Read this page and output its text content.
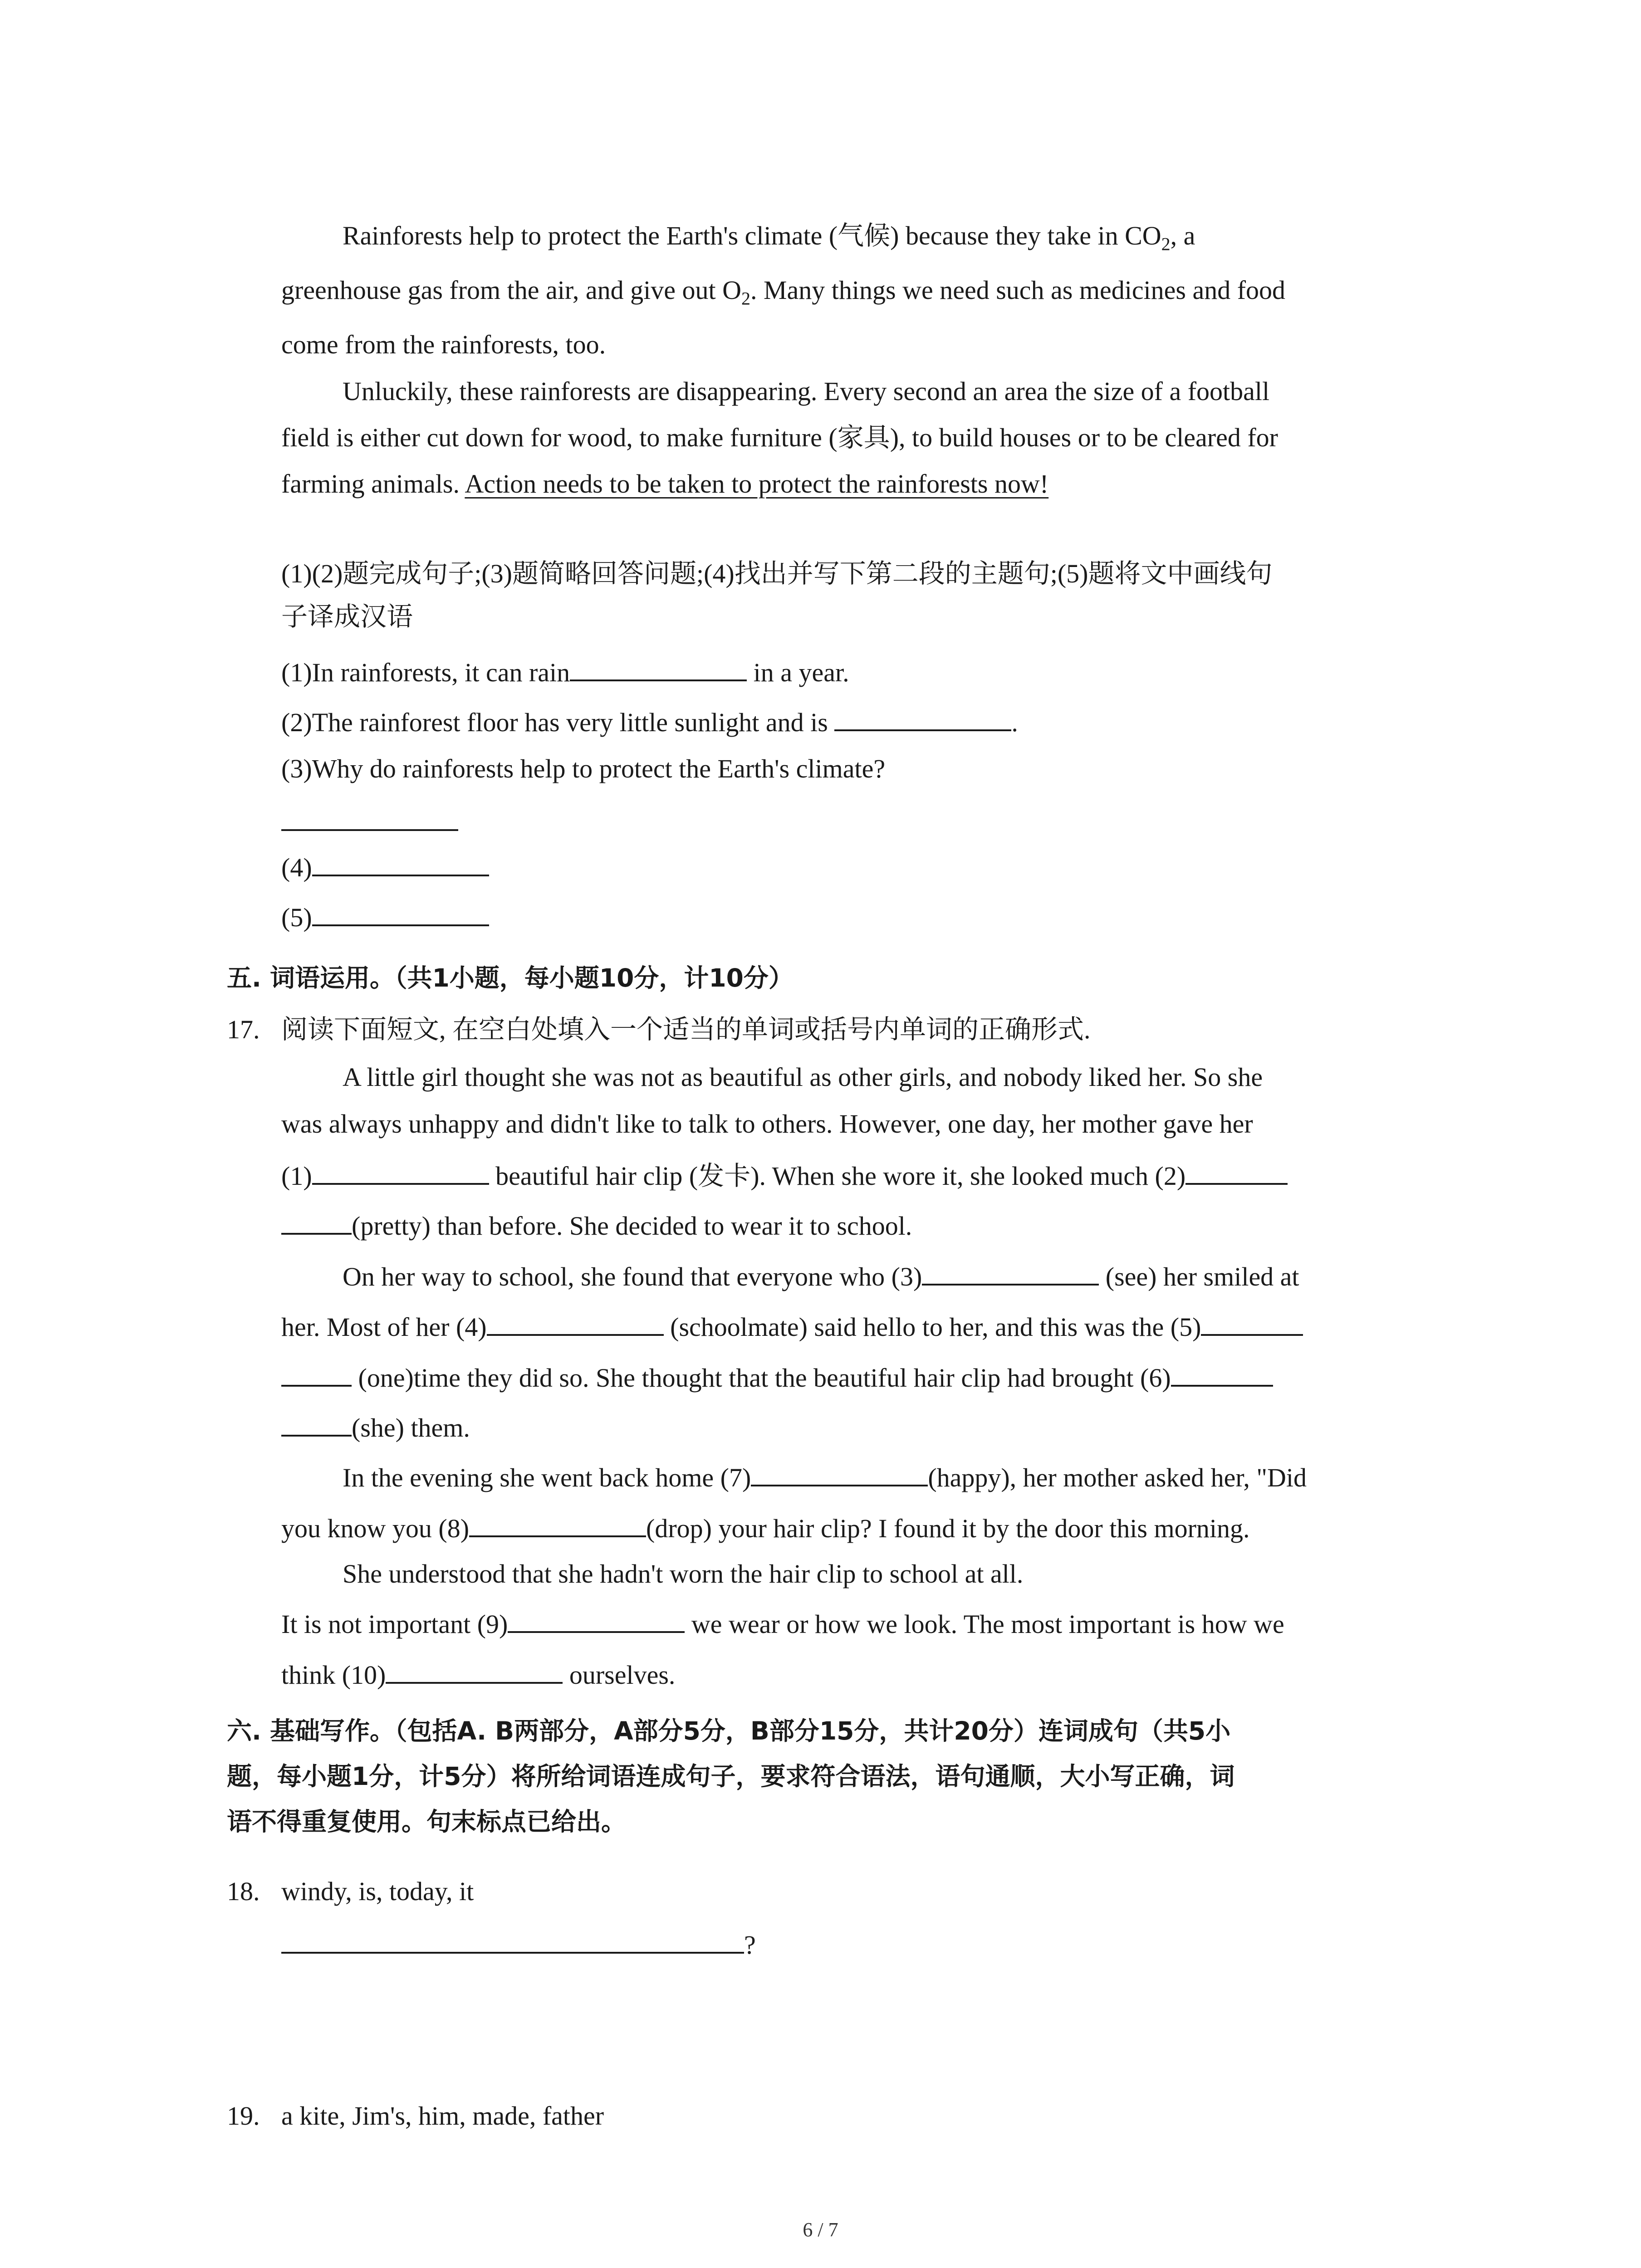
Rainforests help to protect the Earth's climate (气候) because they take in $CO_2$, a
greenhouse gas from the air, and give out $O_2$. Many things we need such as medicines and food
come from the rainforests, too.
Unluckily, these rainforests are disappearing. Every second an area the size of a football
field is either cut down for wood, to make furniture (家具), to build houses or to be cleared for
farming animals. Action needs to be taken to protect the rainforests now!
(1)(2)题完成句子;(3)题简略回答问题;(4)找出并写下第二段的主题句;(5)题将文中画线句
子译成汉语
(1)In rainforests, it can rain	in a year.
(2)The rainforest floor has very little sunlight and is	.
(3)Why do rainforests help to protect the Earth's climate?
(4)
(5)
五. 词语运用。（共1小题，每小题10分，计10分）
17. 阅读下面短文, 在空白处填入一个适当的单词或括号内单词的正确形式.
A little girl thought she was not as beautiful as other girls, and nobody liked her. So she
was always unhappy and didn't like to talk to others. However, one day, her mother gave her
(1)	beautiful hair clip (发卡). When she wore it, she looked much (2)
(pretty) than before. She decided to wear it to school.
On her way to school, she found that everyone who (3)	(see) her smiled at
her. Most of her (4)	(schoolmate) said hello to her, and this was the (5)
(one)time they did so. She thought that the beautiful hair clip had brought (6)
(she) them.
In the evening she went back home (7)	(happy), her mother asked her, "Did
you know you (8)	(drop) your hair clip? I found it by the door this morning.
She understood that she hadn't worn the hair clip to school at all.
It is not important (9)	we wear or how we look. The most important is how we
think (10)	ourselves.
六. 基础写作。（包括A. B两部分，A部分5分，B部分15分，共计20分）连词成句（共5小
题，每小题1分，计5分）将所给词语连成句子，要求符合语法，语句通顺，大小写正确，词
语不得重复使用。句末标点已给出。
18. windy, is, today, it
?
19. a kite, Jim's, him, made, father
6 / 7
